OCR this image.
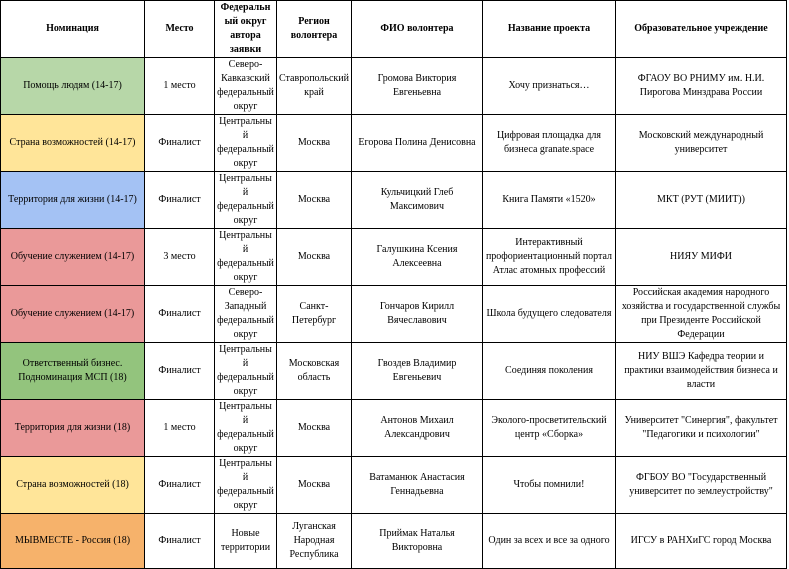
Номинация	Место	Федеральный округ автора заявки	Регион волонтера	ФИО волонтера	Название проекта	Образовательное учреждение
Помощь людям (14-17)	1 место	Северо-Кавказский федеральный округ	Ставропольский край	Громова Виктория Евгеньевна	Хочу признаться…	ФГАОУ ВО РНИМУ им. Н.И. Пирогова Минздрава России
Страна возможностей (14-17)	Финалист	Центральный федеральный округ	Москва	Егорова Полина Денисовна	Цифровая площадка для бизнеса granate.space	Московский международный университет
Территория для жизни (14-17)	Финалист	Центральный федеральный округ	Москва	Кульчицкий Глеб Максимович	Книга Памяти «1520»	МКТ (РУТ (МИИТ))
Обучение служением (14-17)	3 место	Центральный федеральный округ	Москва	Галушкина Ксения Алексеевна	Интерактивный профориентационный портал Атлас атомных профессий	НИЯУ МИФИ
Обучение служением (14-17)	Финалист	Северо-Западный федеральный округ	Санкт-Петербург	Гончаров Кирилл Вячеславович	Школа будущего следователя	Российская академия народного хозяйства и государственной службы при Президенте Российской Федерации
Ответственный бизнес. Подноминация МСП (18)	Финалист	Центральный федеральный округ	Московская область	Гвоздев Владимир Евгеньевич	Соединяя поколения	НИУ ВШЭ Кафедра теории и практики взаимодействия бизнеса и власти
Территория для жизни (18)	1 место	Центральный федеральный округ	Москва	Антонов Михаил Александрович	Эколого-просветительский центр «Сборка»	Университет "Синергия", факультет "Педагогики и психологии"
Страна возможностей (18)	Финалист	Центральный федеральный округ	Москва	Ватаманюк Анастасия Геннадьевна	Чтобы помнили!	ФГБОУ ВО "Государственный университет по землеустройству"
МЫВМЕСТЕ - Россия (18)	Финалист	Новые территории	Луганская Народная Республика	Приймак Наталья Викторовна	Один за всех и все за одного	ИГСУ в РАНХиГС город Москва
